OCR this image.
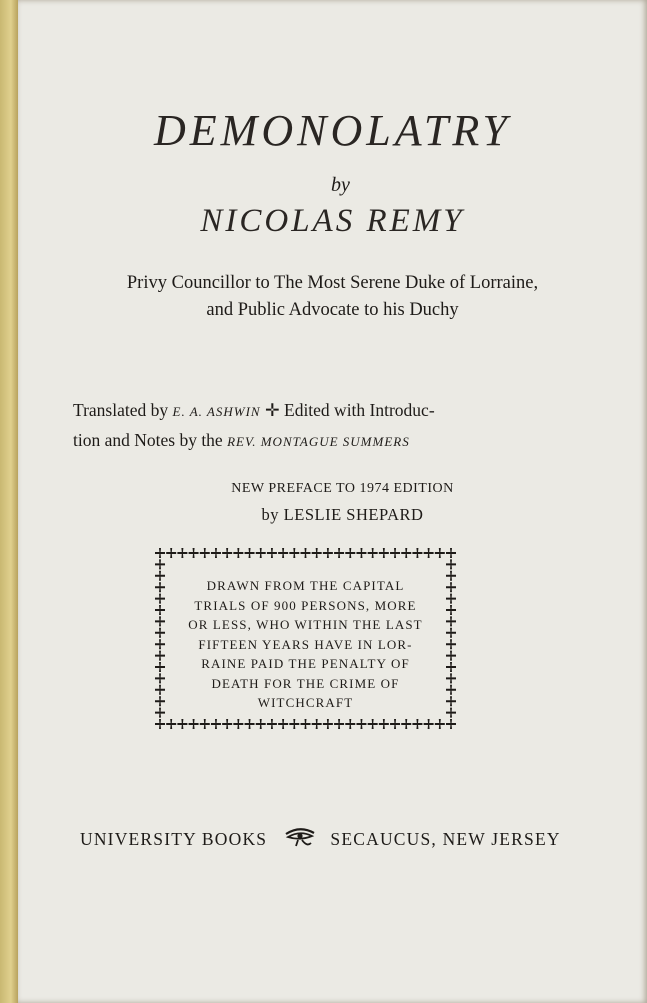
DEMONOLATRY
by
NICOLAS REMY
Privy Councillor to The Most Serene Duke of Lorraine,
and Public Advocate to his Duchy
Translated by E. A. ASHWIN ✛ Edited with Introduc-
tion and Notes by the REV. MONTAGUE SUMMERS
NEW PREFACE TO 1974 EDITION
by LESLIE SHEPARD
DRAWN FROM THE CAPITAL
TRIALS OF 900 PERSONS, MORE
OR LESS, WHO WITHIN THE LAST
FIFTEEN YEARS HAVE IN LOR-
RAINE PAID THE PENALTY OF
DEATH FOR THE CRIME OF
WITCHCRAFT
UNIVERSITY BOOKS	SECAUCUS, NEW JERSEY
